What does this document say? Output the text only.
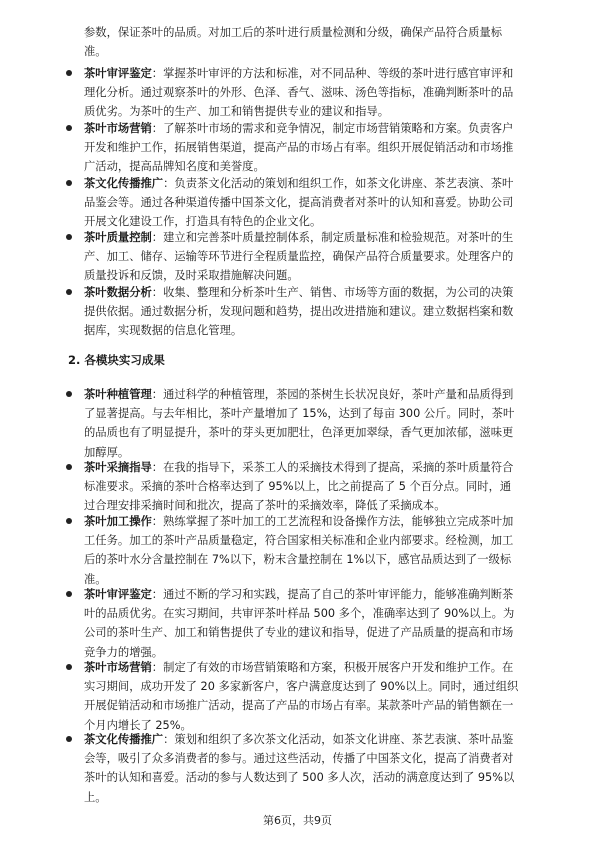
参数，保证茶叶的品质。对加工后的茶叶进行质量检测和分级，确保产品符合质量标
准。

茶叶审评鉴定：掌握茶叶审评的方法和标准，对不同品种、等级的茶叶进行感官审评和
理化分析。通过观察茶叶的外形、色泽、香气、滋味、汤色等指标，准确判断茶叶的品
质优劣。为茶叶的生产、加工和销售提供专业的建议和指导。

茶叶市场营销：了解茶叶市场的需求和竞争情况，制定市场营销策略和方案。负责客户
开发和维护工作，拓展销售渠道，提高产品的市场占有率。组织开展促销活动和市场推
广活动，提高品牌知名度和美誉度。

茶文化传播推广：负责茶文化活动的策划和组织工作，如茶文化讲座、茶艺表演、茶叶
品鉴会等。通过各种渠道传播中国茶文化，提高消费者对茶叶的认知和喜爱。协助公司
开展文化建设工作，打造具有特色的企业文化。

茶叶质量控制：建立和完善茶叶质量控制体系，制定质量标准和检验规范。对茶叶的生
产、加工、储存、运输等环节进行全程质量监控，确保产品符合质量要求。处理客户的
质量投诉和反馈，及时采取措施解决问题。

茶叶数据分析：收集、整理和分析茶叶生产、销售、市场等方面的数据，为公司的决策
提供依据。通过数据分析，发现问题和趋势，提出改进措施和建议。建立数据档案和数
据库，实现数据的信息化管理。

2. 各模块实习成果

茶叶种植管理：通过科学的种植管理，茶园的茶树生长状况良好，茶叶产量和品质得到
了显著提高。与去年相比，茶叶产量增加了 15%，达到了每亩 300 公斤。同时，茶叶
的品质也有了明显提升，茶叶的芽头更加肥壮，色泽更加翠绿，香气更加浓郁，滋味更
加醇厚。

茶叶采摘指导：在我的指导下，采茶工人的采摘技术得到了提高，采摘的茶叶质量符合
标准要求。采摘的茶叶合格率达到了 95%以上，比之前提高了 5 个百分点。同时，通
过合理安排采摘时间和批次，提高了茶叶的采摘效率，降低了采摘成本。

茶叶加工操作：熟练掌握了茶叶加工的工艺流程和设备操作方法，能够独立完成茶叶加
工任务。加工的茶叶产品质量稳定，符合国家相关标准和企业内部要求。经检测，加工
后的茶叶水分含量控制在 7%以下，粉末含量控制在 1%以下，感官品质达到了一级标
准。

茶叶审评鉴定：通过不断的学习和实践，提高了自己的茶叶审评能力，能够准确判断茶
叶的品质优劣。在实习期间，共审评茶叶样品 500 多个，准确率达到了 90%以上。为
公司的茶叶生产、加工和销售提供了专业的建议和指导，促进了产品质量的提高和市场
竞争力的增强。

茶叶市场营销：制定了有效的市场营销策略和方案，积极开展客户开发和维护工作。在
实习期间，成功开发了 20 多家新客户，客户满意度达到了 90%以上。同时，通过组织
开展促销活动和市场推广活动，提高了产品的市场占有率。某款茶叶产品的销售额在一
个月内增长了 25%。

茶文化传播推广：策划和组织了多次茶文化活动，如茶文化讲座、茶艺表演、茶叶品鉴
会等，吸引了众多消费者的参与。通过这些活动，传播了中国茶文化，提高了消费者对
茶叶的认知和喜爱。活动的参与人数达到了 500 多人次，活动的满意度达到了 95%以
上。

第6页，共9页
